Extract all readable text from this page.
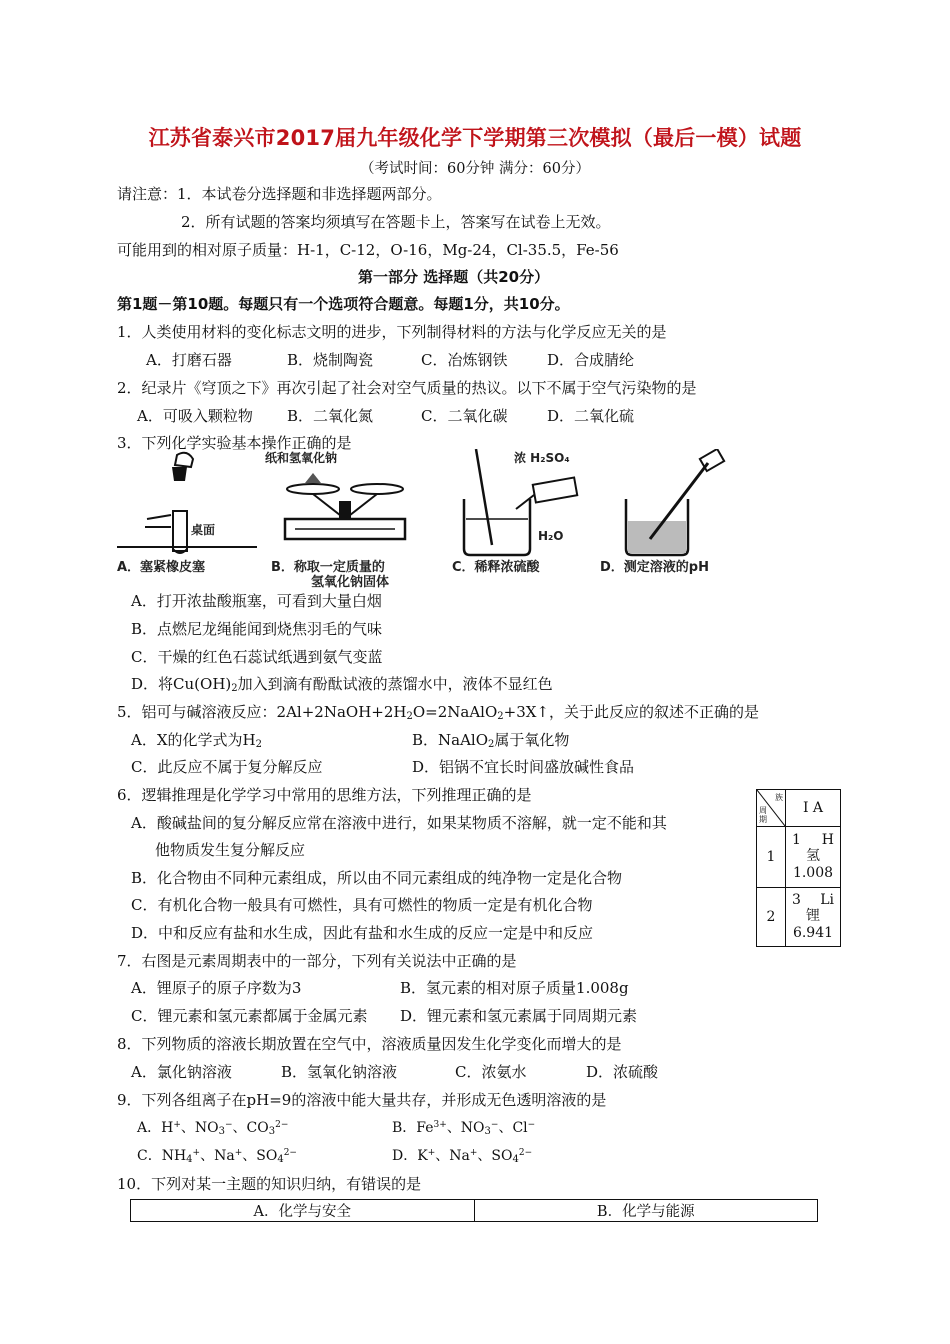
江苏省泰兴市2017届九年级化学下学期第三次模拟（最后一模）试题
（考试时间：60分钟 满分：60分）
请注意：1．本试卷分选择题和非选择题两部分。
2．所有试题的答案均须填写在答题卡上，答案写在试卷上无效。
可能用到的相对原子质量：H-1，C-12，O-16，Mg-24，Cl-35.5，Fe-56
第一部分 选择题（共20分）
第1题－第10题。每题只有一个选项符合题意。每题1分，共10分。
1．人类使用材料的变化标志文明的进步，下列制得材料的方法与化学反应无关的是
A．打磨石器	B．烧制陶瓷	C．冶炼钢铁	D．合成腈纶
2．纪录片《穹顶之下》再次引起了社会对空气质量的热议。以下不属于空气污染物的是
A．可吸入颗粒物 B．二氧化氮	C．二氧化碳	D．二氧化硫
3．下列化学实验基本操作正确的是
桌面
A．塞紧橡皮塞
纸和氢氧化钠
B．称取一定质量的
氢氧化钠固体
浓 H₂SO₄
H₂O
C．稀释浓硫酸	D．测定溶液的pH
A．打开浓盐酸瓶塞，可看到大量白烟
B．点燃尼龙绳能闻到烧焦羽毛的气味
C．干燥的红色石蕊试纸遇到氨气变蓝
D．将Cu(OH)2加入到滴有酚酞试液的蒸馏水中，液体不显红色
5．铝可与碱溶液反应：2Al+2NaOH+2H2O=2NaAlO2+3X↑，关于此反应的叙述不正确的是
A．X的化学式为H2	B．NaAlO2属于氧化物
C．此反应不属于复分解反应	D．铝锅不宜长时间盛放碱性食品
6．逻辑推理是化学学习中常用的思维方法，下列推理正确的是
A．酸碱盐间的复分解反应常在溶液中进行，如果某物质不溶解，就一定不能和其
他物质发生复分解反应
B．化合物由不同种元素组成，所以由不同元素组成的纯净物一定是化合物
C．有机化合物一般具有可燃性，具有可燃性的物质一定是有机化合物
D．中和反应有盐和水生成，因此有盐和水生成的反应一定是中和反应
族
周期	I A
1	1 H
氢
1.008

2	3 Li
锂
6.941
7．右图是元素周期表中的一部分，下列有关说法中正确的是
A．锂原子的原子序数为3	B．氢元素的相对原子质量1.008g
C．锂元素和氢元素都属于金属元素 D．锂元素和氢元素属于同周期元素
8．下列物质的溶液长期放置在空气中，溶液质量因发生化学变化而增大的是
A．氯化钠溶液	B．氢氧化钠溶液	C．浓氨水	D．浓硫酸
9．下列各组离子在pH=9的溶液中能大量共存，并形成无色透明溶液的是
A．H+、NO3−、$CO3^{2-}$	B．$Fe^{3+}$、NO3−、Cl−
C．NH4+、Na+、$SO4^{2-}$	D．K+、Na+、$SO4^{2-}$
10．下列对某一主题的知识归纳，有错误的是
A．化学与安全	B．化学与能源
